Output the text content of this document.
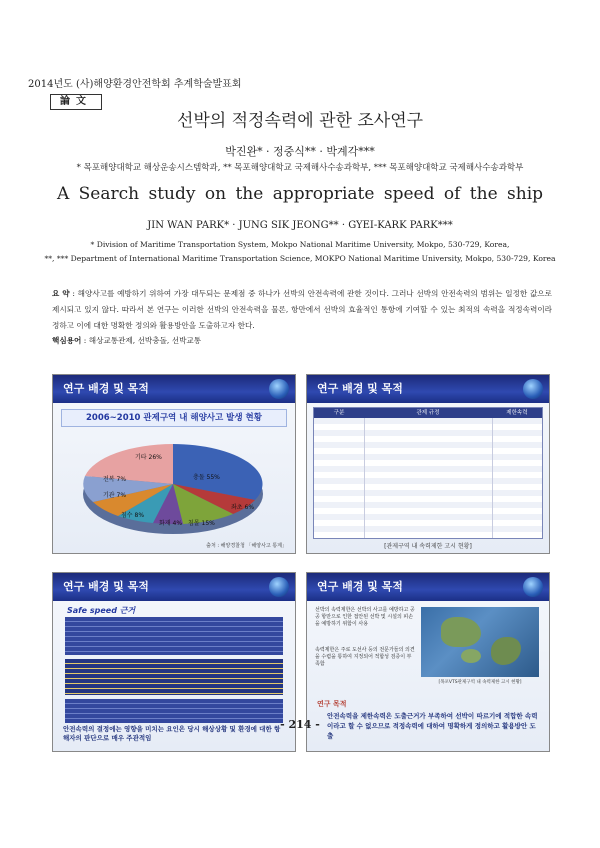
2014년도 (사)해양환경안전학회 추계학술발표회
論文
선박의 적정속력에 관한 조사연구
박진완* · 정중식** · 박계각***
* 목포해양대학교 해상운송시스템학과, ** 목포해양대학교 국제해사수송과학부, *** 목포해양대학교 국제해사수송과학부
A Search study on the appropriate speed of the ship
JIN WAN PARK* · JUNG SIK JEONG** · GYEI-KARK PARK***
* Division of Maritime Transportation System, Mokpo National Maritime University, Mokpo, 530-729, Korea,
**, *** Department of International Maritime Transportation Science, MOKPO National Maritime University, Mokpo, 530-729, Korea
요 약 : 해양사고를 예방하기 위하여 가장 대두되는 문제점 중 하나가 선박의 안전속력에 관한 것이다. 그러나 선박의 안전속력의 범위는 일정한 값으로 제시되고 있지 않다. 따라서 본 연구는 이러한 선박의 안전속력을 물론, 항만에서 선박의 효율적인 통항에 기여할 수 있는 최적의 속력을 적정속력이라 정하고 이에 대한 명확한 정의와 활용방안을 도출하고자 한다.
핵심용어 : 해상교통관제, 선박충돌, 선박교통
연구 배경 및 목적
2006~2010 관제구역 내 해양사고 발생 현황
충돌 55%
좌초 6%
침몰 15%
화재 4%
침수 8%
기관 7%
전복 7%
기타 26%
출처 : 해양경찰청 「해양사고 통계」
연구 배경 및 목적
구분	관제 규정	제한속력
[관제구역 내 속력제한 고시 현황]
연구 배경 및 목적
Safe speed 근거
안전속력의 결정에는 영향을 미치는 요인은 당시 해상상황 및 환경에 대한 항해자의 판단으로 매우 주관적임
연구 배경 및 목적
선박의 속력제한은 선박의 사고를 예방하고 공공 항만으로 인한 접안된 선박 및 시설의 피손을 예방하기 위함이 사용
속력제한은 주로 도선사 등의 전문가들의 의견을 수렴을 통하여 지정되어 적합성 검증이 부족함
[목포VTS관제구역 내 속력제한 고시 현황]
연구 목적
안전속력을 제한속력은 도출근거가 부족하여 선박이 따르기에 적합한 속력이라고 할 수 없으므로 적정속력에 대하여 명확하게 정의하고 활용방안 도출
- 214 -
